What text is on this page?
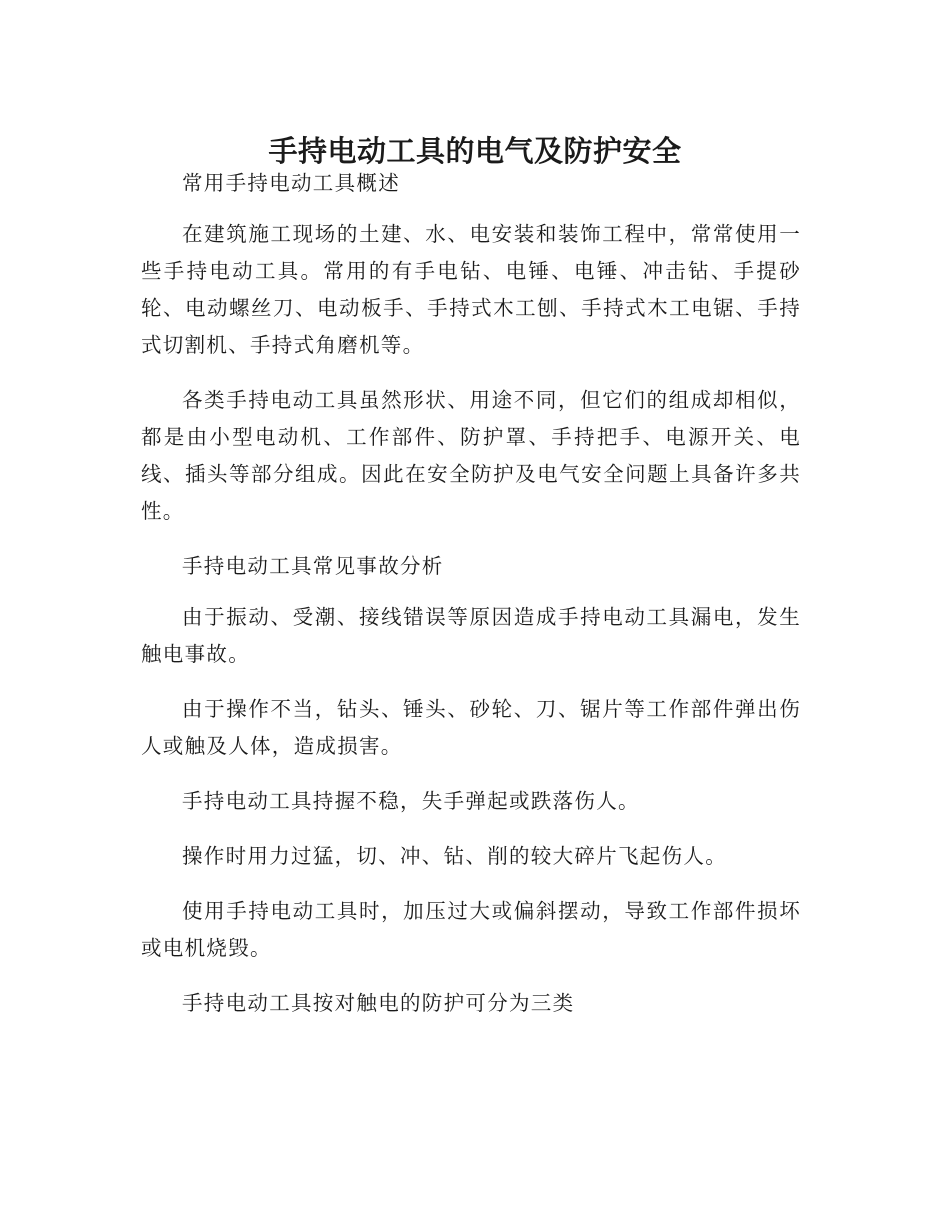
手持电动工具的电气及防护安全

常用手持电动工具概述

在建筑施工现场的土建、水、电安装和装饰工程中，常常使用一些手持电动工具。常用的有手电钻、电锤、电锤、冲击钻、手提砂轮、电动螺丝刀、电动板手、手持式木工刨、手持式木工电锯、手持式切割机、手持式角磨机等。

各类手持电动工具虽然形状、用途不同，但它们的组成却相似，都是由小型电动机、工作部件、防护罩、手持把手、电源开关、电线、插头等部分组成。因此在安全防护及电气安全问题上具备许多共性。

手持电动工具常见事故分析

由于振动、受潮、接线错误等原因造成手持电动工具漏电，发生触电事故。

由于操作不当，钻头、锤头、砂轮、刀、锯片等工作部件弹出伤人或触及人体，造成损害。

手持电动工具持握不稳，失手弹起或跌落伤人。

操作时用力过猛，切、冲、钻、削的较大碎片飞起伤人。

使用手持电动工具时，加压过大或偏斜摆动，导致工作部件损坏或电机烧毁。

手持电动工具按对触电的防护可分为三类
